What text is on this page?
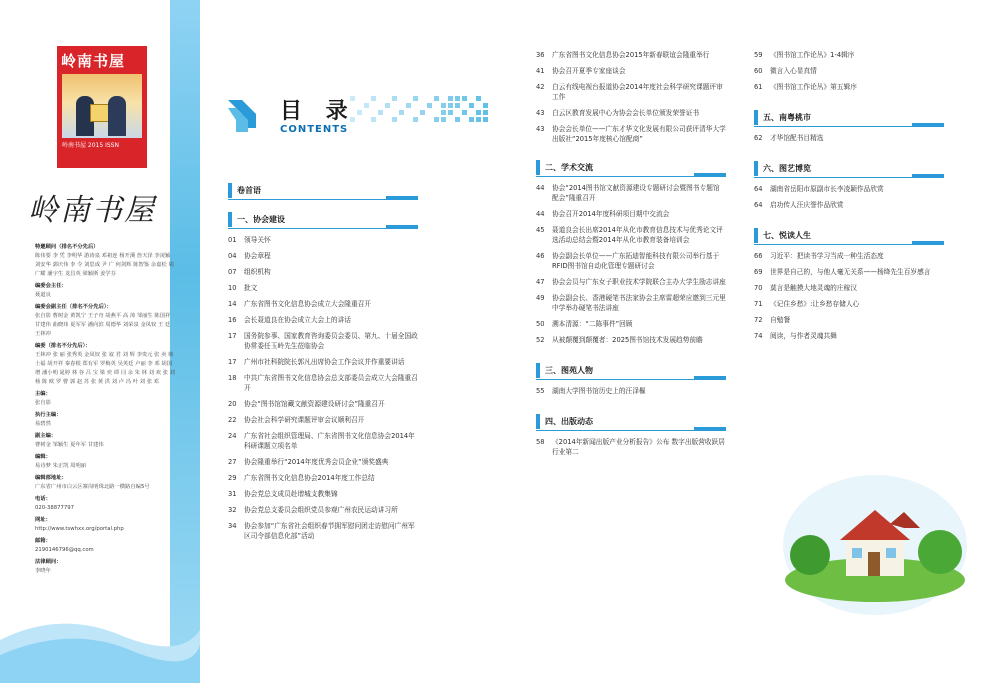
岭南书屋
岭南书屋 2015 ISSN
岭南书屋
特邀顾问（排名不分先后）
陈伟要 李 凭 李明华 游涛泉 邓祖连 杨开溪 詹天泽 李凌颖 刘安华 郭庆伟 李 令 刘思成 尹 广 何剑辉 陈智鉴 余嘉松 胡广耀 潘宇生 龙昌英 梁颖斯 姜学芬
编委会主任：
聂道良
编委会副主任（排名不分先后）：
张自影 曹树金 黄凯宁 王子舟 胡燕平 高 漳 邹丽生 陈国祥 甘建伟 曲晓玮 夏军军 潘向滨 周德华 刘荣泉 金凤钗 王 廷 王林冲
编委（排名不分先后）：
王林冲 张 丽 张秀英 金凤钗 张 叙 君 刘 辉 李贵元 张 卖 韩士福 胡开祥 秦春根 郑有军 罗梅英 吴英廷 卢丽 李 邓 胡国增 潘小明 晁婷 林 谷 吕 宝 梁 奕 谭 闫 余 朱 林 刘 欢 张 刘 杨 陈 欧 罗 曹 郭 赵 苏 张 黄 洪 刘 卢 冯 叶 刘 张 邓
主编：
张自影
执行主编：
易碧然
副主编：
曹树金 邹颖生 夏年军 甘建伟
编辑：
易诗梦 朱正凯 周明丽
编辑部地址：
广东省广州市白云区寨岗明珠北路一横路自编5号
电话：
020-38877797
网址：
http://www.tswhxx.org/portal.php
邮箱：
2190146796@qq.com
法律顾问：
李晓年
目 录
CONTENTS
卷首语
一、协会建设
01	领导关怀
04	协会章程
07	组织机构
10	批文
14	广东省图书文化信息协会成立大会隆重召开
16	会长聂道良在协会成立大会上的讲话
17	国务院参事、国家教育咨询委员会委员、第九、十届全国政协常委任玉岭先生莅临协会
17	广州市社科院院长郭凡出席协会工作会议并作重要讲话
18	中共广东省图书文化信息协会总支部委员会成立大会隆重召开
20	协会“图书馆馆藏文献资源建设研讨会”隆重召开
22	协会社会科学研究课题评审会议顺利召开
24	广东省社会组织管理局、广东省图书文化信息协会2014年科研课题立项名单
27	协会隆重举行“2014年度优秀会员企业”颁奖盛典
29	广东省图书文化信息协会2014年度工作总结
31	协会党总支成员赴增城支教集锦
32	协会党总支委员会组织党员参观广州农民运动讲习所
34	协会参加“广东省社会组织春节拥军慰问团走访慰问广州军区司令部信息化部”活动
36	广东省图书文化信息协会2015年新春联谊会隆重举行
41	协会召开夏季专家座谈会
42	白云有线电视台报道协会2014年度社会科学研究课题评审工作
43	白云区教育发展中心为协会会长单位颁发荣誉证书
43	协会会长单位——广东才华文化发展有限公司获评清华大学出版社“2015年度核心馆配商”
二、学术交流
44	协会“2014图书馆文献资源建设专题研讨会暨图书专题馆配会”隆重召开
44	协会召开2014年度科研项目期中交流会
45	聂道良会长出席2014年从化市教育信息技术与优秀论文评选活动总结会暨2014年从化市教育装备培训会
46	协会副会长单位——广东拓迪智能科技有限公司举行基于RFID图书馆自动化管理专题研讨会
47	协会会员与广东女子职业技术学院联合主办大学生励志讲座
49	协会副会长、香港硬笔书法家协会主席雷超荣应邀到三元里中学举办硬笔书法讲座
50	溯本清源：“二陈事件”回顾
52	从被颠覆到颠覆者：2025图书馆技术发展趋势前瞻
三、图苑人物
55	湖南大学图书馆历史上的汪泽樞
四、出版动态
58	《2014年新闻出版产业分析报告》公布 数字出版营收跃居行业第二
59	《图书馆工作论丛》1-4辑序
60	微言入心显真情
61	《图书馆工作论丛》第五辑序
五、南粤桃市
62	才华馆配书目精选
六、图艺博览
64	湖南省岳阳市原副市长李凌颖作品欣赏
64	启功传人汪庆誉作品欣赏
七、悦读人生
66	习近平：把读书学习当成一种生活态度
69	世界是自己的，与他人毫无关系——杨绛先生百岁感言
70	莫言是触摸大地灵魂的庄稼汉
71	《记住乡愁》:让乡愁存储人心
72	自勉餐
74	阅读，与作者灵魂共舞
